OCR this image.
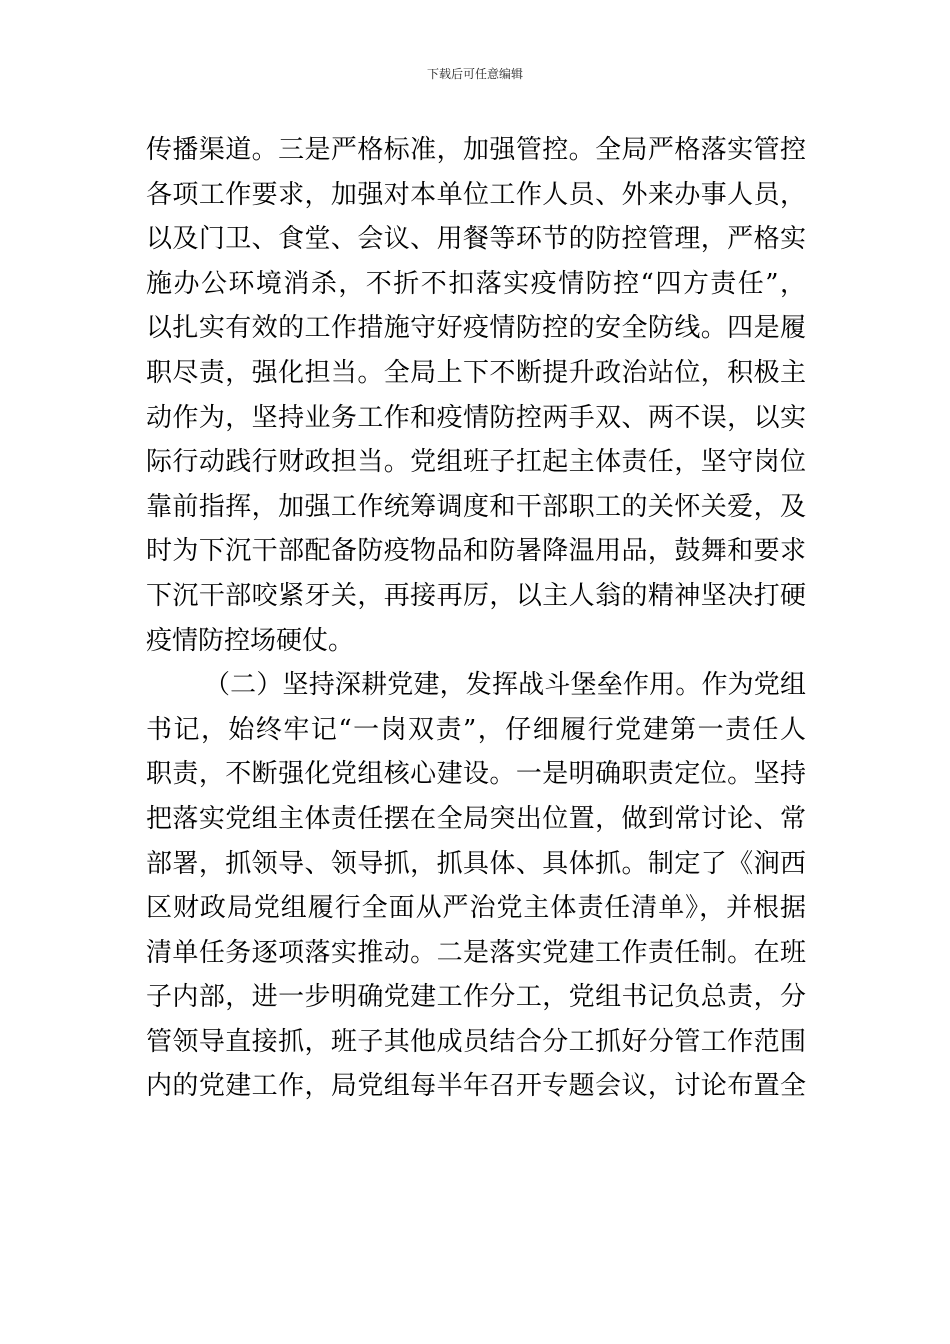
下载后可任意编辑
传播渠道。三是严格标准，加强管控。全局严格落实管控
各项工作要求，加强对本单位工作人员、外来办事人员，
以及门卫、食堂、会议、用餐等环节的防控管理，严格实
施办公环境消杀，不折不扣落实疫情防控“四方责任”，
以扎实有效的工作措施守好疫情防控的安全防线。四是履
职尽责，强化担当。全局上下不断提升政治站位，积极主
动作为，坚持业务工作和疫情防控两手双、两不误，以实
际行动践行财政担当。党组班子扛起主体责任，坚守岗位
靠前指挥，加强工作统筹调度和干部职工的关怀关爱，及
时为下沉干部配备防疫物品和防暑降温用品，鼓舞和要求
下沉干部咬紧牙关，再接再厉，以主人翁的精神坚决打硬
疫情防控场硬仗。
（二）坚持深耕党建，发挥战斗堡垒作用。作为党组
书记，始终牢记“一岗双责”，仔细履行党建第一责任人
职责，不断强化党组核心建设。一是明确职责定位。坚持
把落实党组主体责任摆在全局突出位置，做到常讨论、常
部署，抓领导、领导抓，抓具体、具体抓。制定了《涧西
区财政局党组履行全面从严治党主体责任清单》，并根据
清单任务逐项落实推动。二是落实党建工作责任制。在班
子内部，进一步明确党建工作分工，党组书记负总责，分
管领导直接抓，班子其他成员结合分工抓好分管工作范围
内的党建工作，局党组每半年召开专题会议，讨论布置全
